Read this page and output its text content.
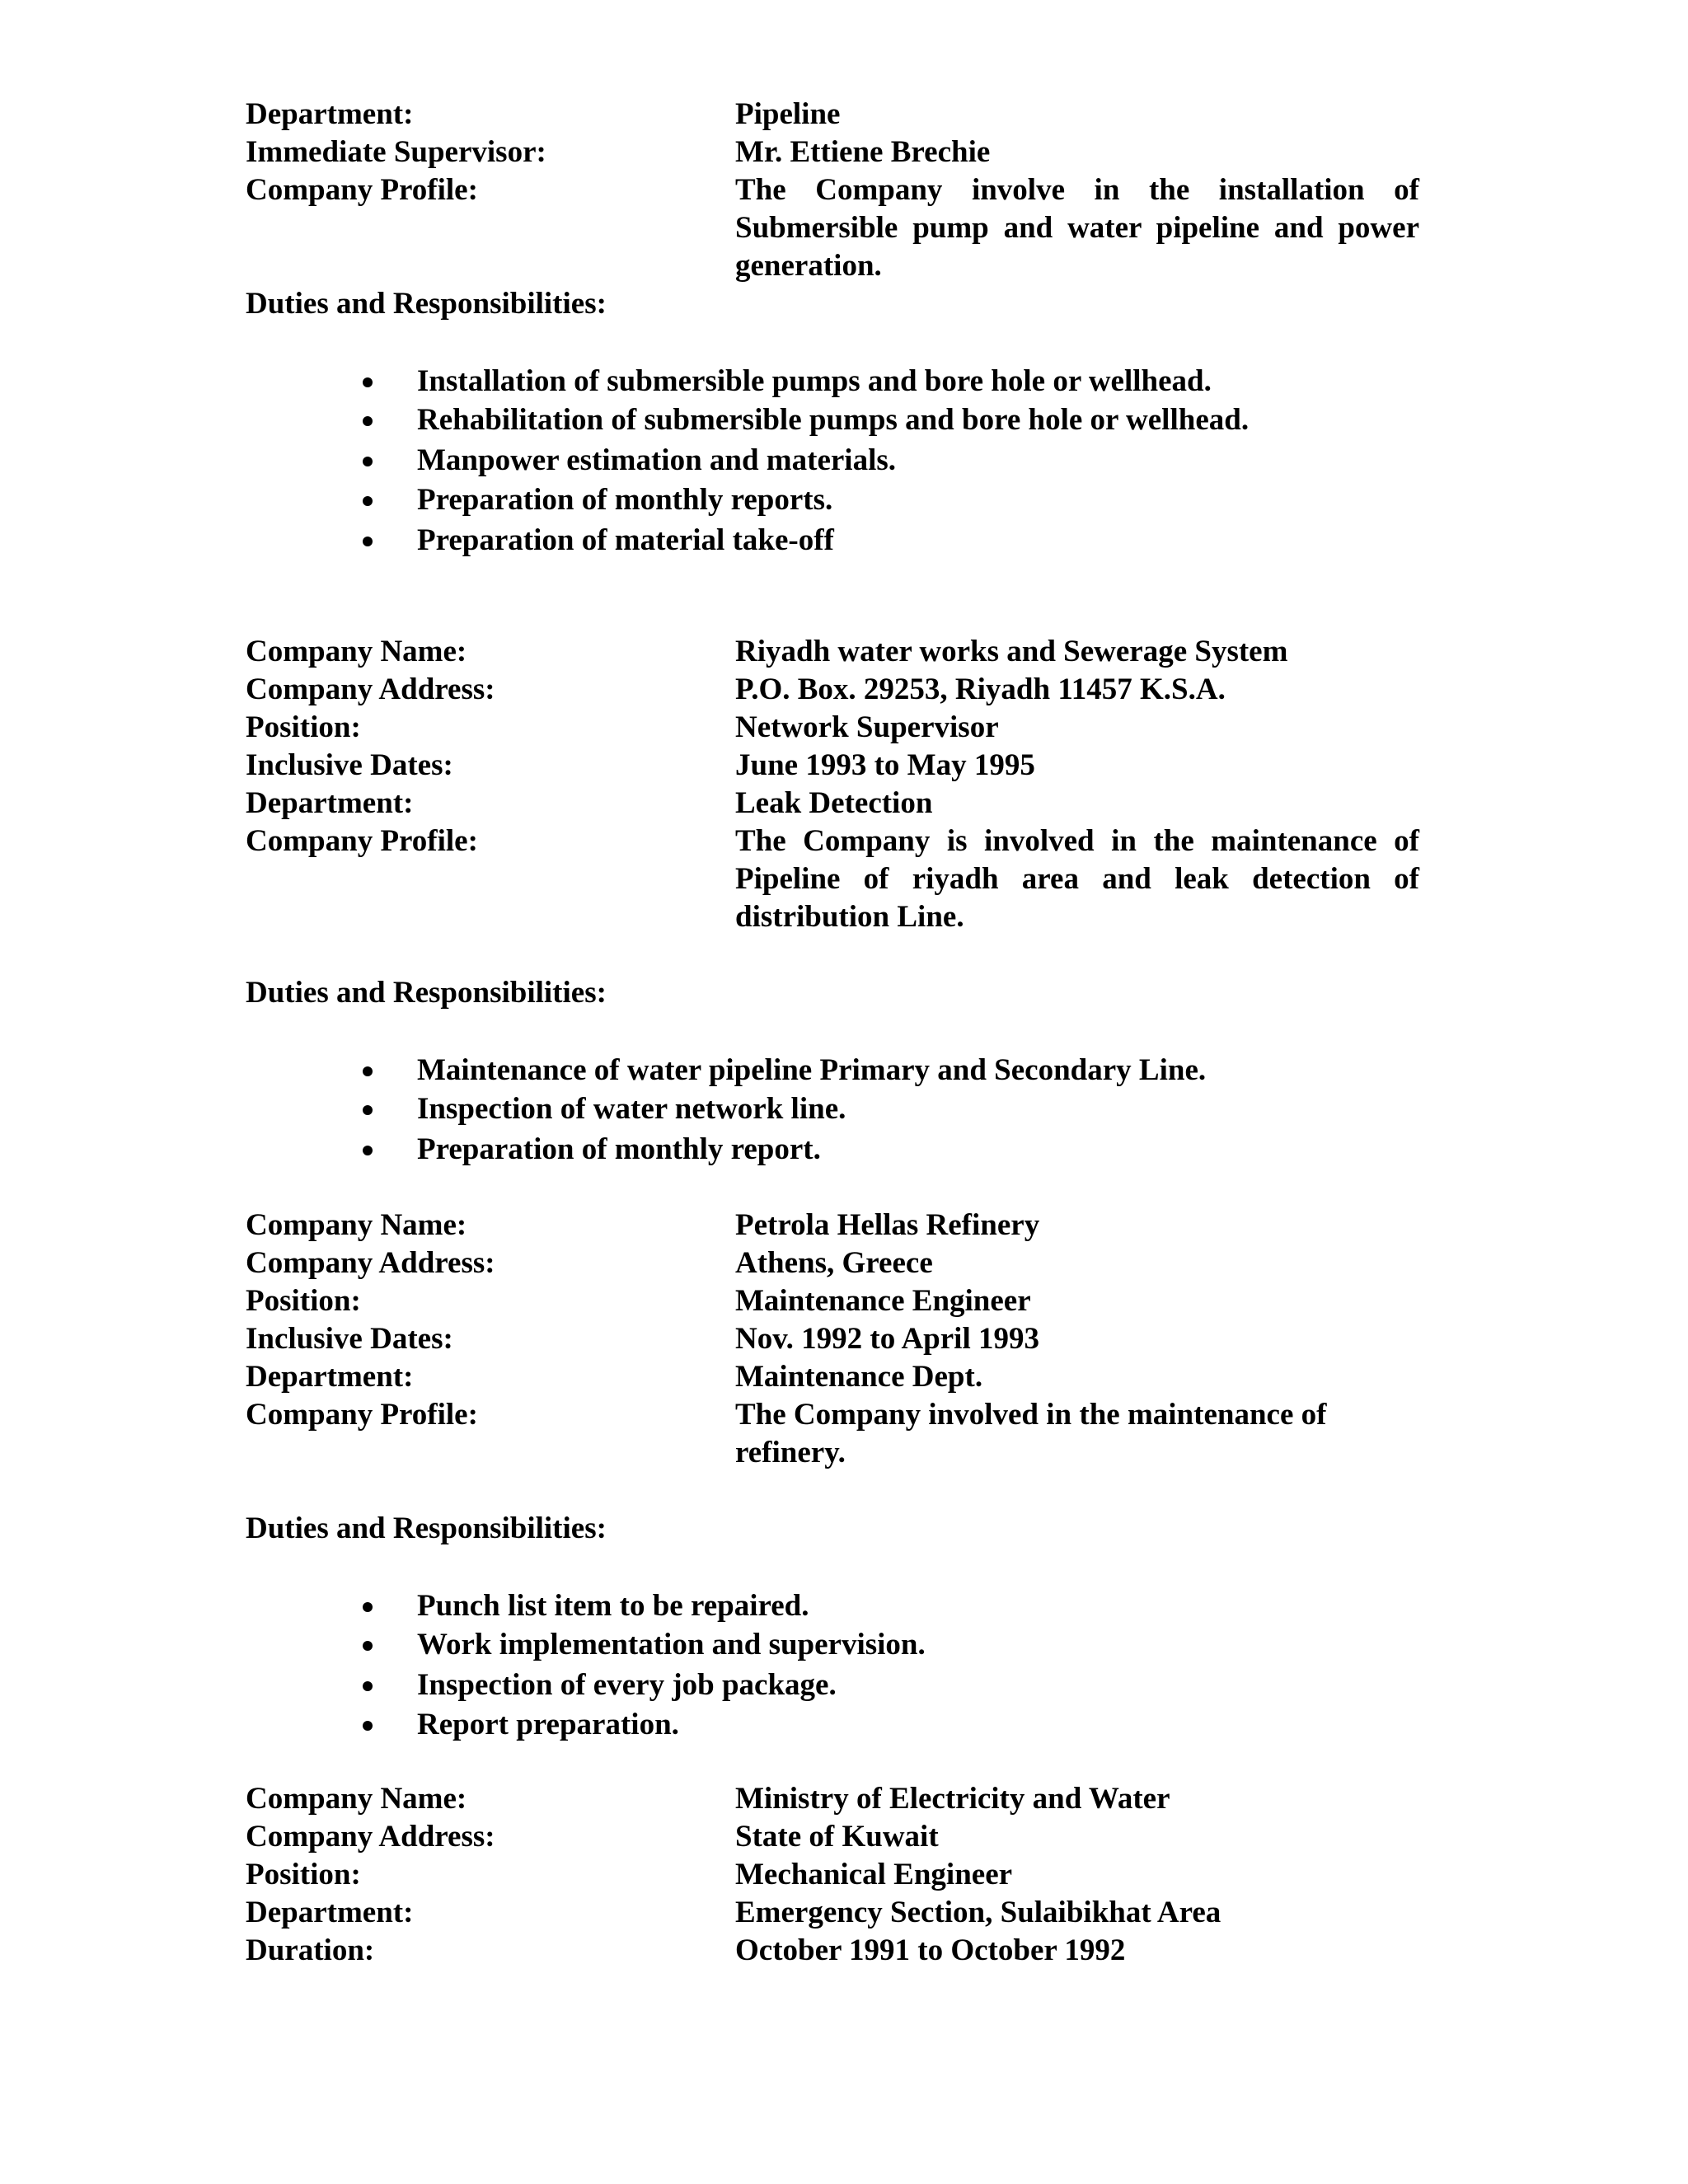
Department:	Pipeline
Immediate Supervisor:	Mr. Ettiene Brechie
Company Profile:	The Company involve in the installation of Submersible pump and water pipeline and power generation.
Duties and Responsibilities:
Installation of submersible pumps and bore hole or wellhead.
Rehabilitation of submersible pumps and bore hole or wellhead.
Manpower estimation and materials.
Preparation of monthly reports.
Preparation of material take-off
Company Name:	Riyadh water works and Sewerage System
Company Address:	P.O. Box. 29253, Riyadh 11457 K.S.A.
Position:	Network Supervisor
Inclusive Dates:	June 1993 to May 1995
Department:	Leak Detection
Company Profile:	The Company is involved in the maintenance of Pipeline of riyadh area and leak detection of distribution Line.
Duties and Responsibilities:
Maintenance of water pipeline Primary and Secondary Line.
Inspection of water network line.
Preparation of monthly report.
Company Name:	Petrola Hellas Refinery
Company Address:	Athens, Greece
Position:	Maintenance Engineer
Inclusive Dates:	Nov. 1992 to April 1993
Department:	Maintenance Dept.
Company Profile:	The Company involved in the maintenance of refinery.
Duties and Responsibilities:
Punch list item to be repaired.
Work implementation and supervision.
Inspection of every job package.
Report preparation.
Company Name:	Ministry of Electricity and Water
Company Address:	State of Kuwait
Position:	Mechanical Engineer
Department:	Emergency Section, Sulaibikhat Area
Duration:	October 1991 to October 1992
